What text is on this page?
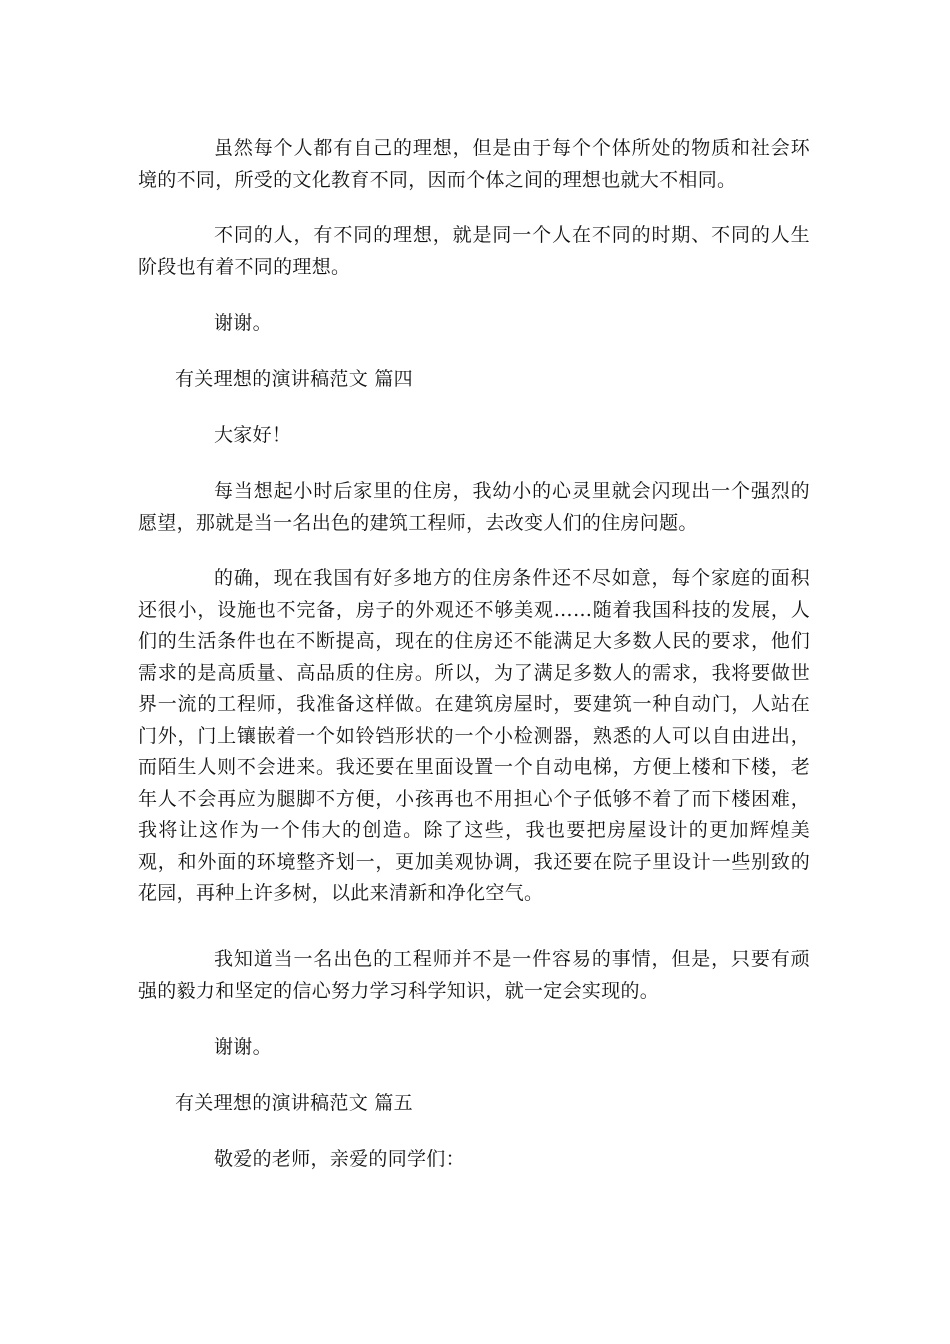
虽然每个人都有自己的理想，但是由于每个个体所处的物质和社会环境的不同，所受的文化教育不同，因而个体之间的理想也就大不相同。

不同的人，有不同的理想，就是同一个人在不同的时期、不同的人生阶段也有着不同的理想。

谢谢。

有关理想的演讲稿范文 篇四

大家好！

每当想起小时后家里的住房，我幼小的心灵里就会闪现出一个强烈的愿望，那就是当一名出色的建筑工程师，去改变人们的住房问题。

的确，现在我国有好多地方的住房条件还不尽如意，每个家庭的面积还很小，设施也不完备，房子的外观还不够美观……随着我国科技的发展，人们的生活条件也在不断提高，现在的住房还不能满足大多数人民的要求，他们需求的是高质量、高品质的住房。所以，为了满足多数人的需求，我将要做世界一流的工程师，我准备这样做。在建筑房屋时，要建筑一种自动门，人站在门外，门上镶嵌着一个如铃铛形状的一个小检测器，熟悉的人可以自由进出，而陌生人则不会进来。我还要在里面设置一个自动电梯，方便上楼和下楼，老年人不会再应为腿脚不方便，小孩再也不用担心个子低够不着了而下楼困难，我将让这作为一个伟大的创造。除了这些，我也要把房屋设计的更加辉煌美观，和外面的环境整齐划一，更加美观协调，我还要在院子里设计一些别致的花园，再种上许多树，以此来清新和净化空气。

我知道当一名出色的工程师并不是一件容易的事情，但是，只要有顽强的毅力和坚定的信心努力学习科学知识，就一定会实现的。

谢谢。

有关理想的演讲稿范文 篇五

敬爱的老师，亲爱的同学们：
